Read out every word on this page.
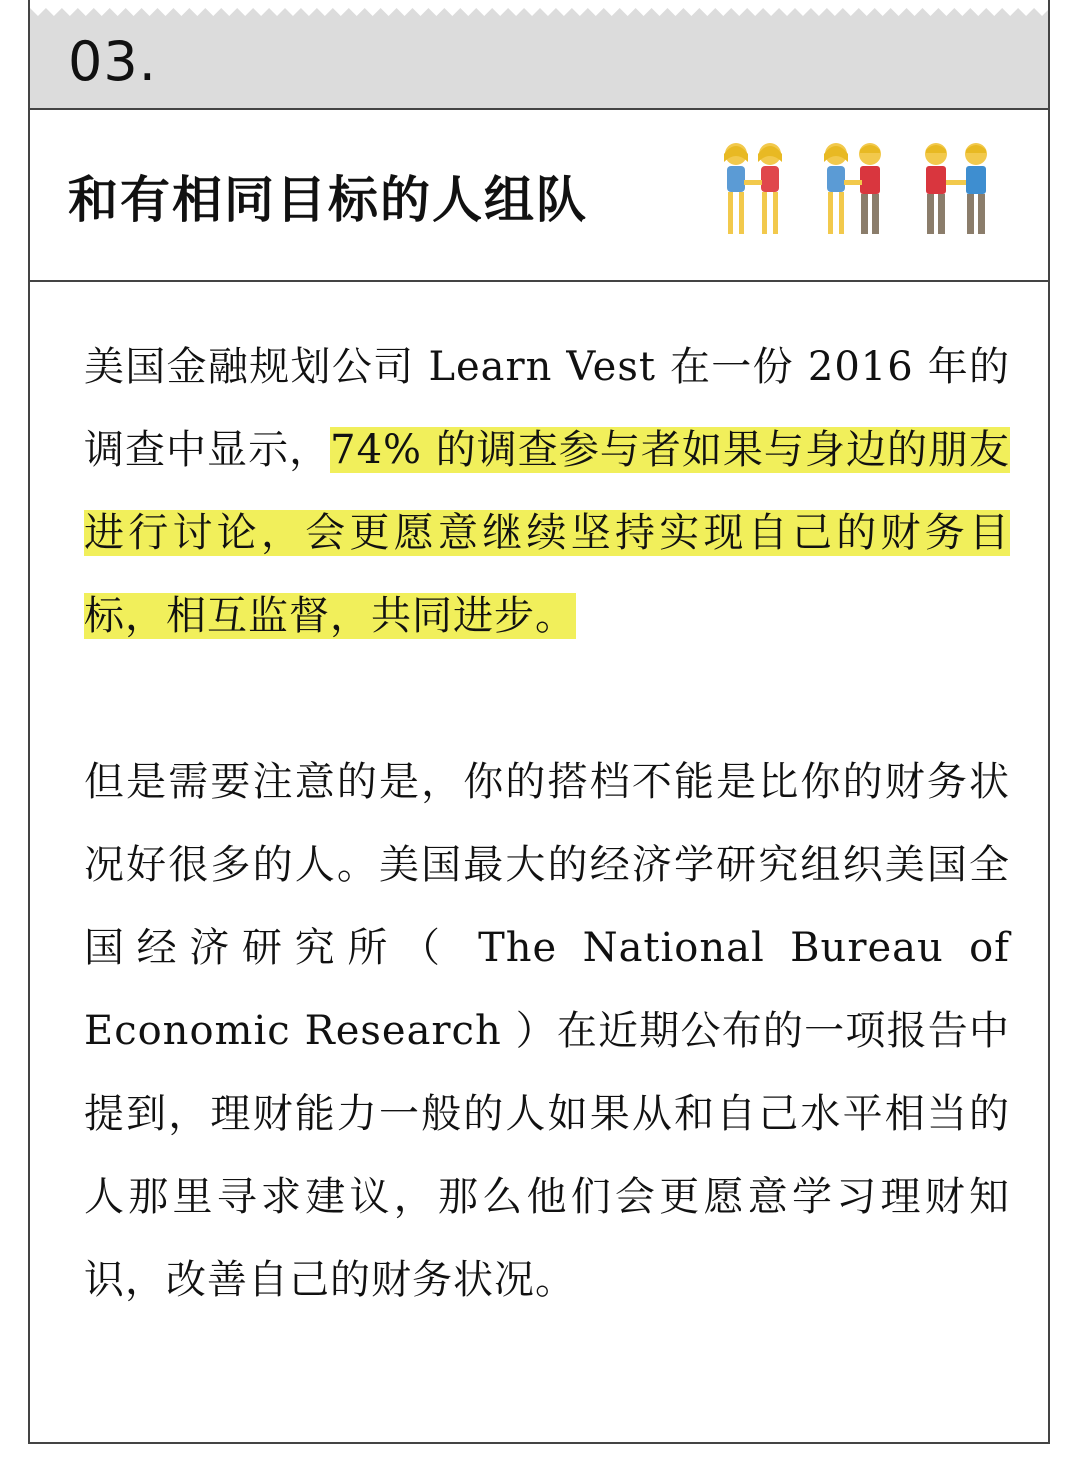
03.
和有相同目标的人组队

美国金融规划公司 Learn Vest 在一份 2016 年的调查中显示，74% 的调查参与者如果与身边的朋友进行讨论，会更愿意继续坚持实现自己的财务目标，相互监督，共同进步。

但是需要注意的是，你的搭档不能是比你的财务状况好很多的人。美国最大的经济学研究组织美国全国经济研究所（ The National Bureau of Economic Research ）在近期公布的一项报告中提到，理财能力一般的人如果从和自己水平相当的人那里寻求建议，那么他们会更愿意学习理财知识，改善自己的财务状况。
